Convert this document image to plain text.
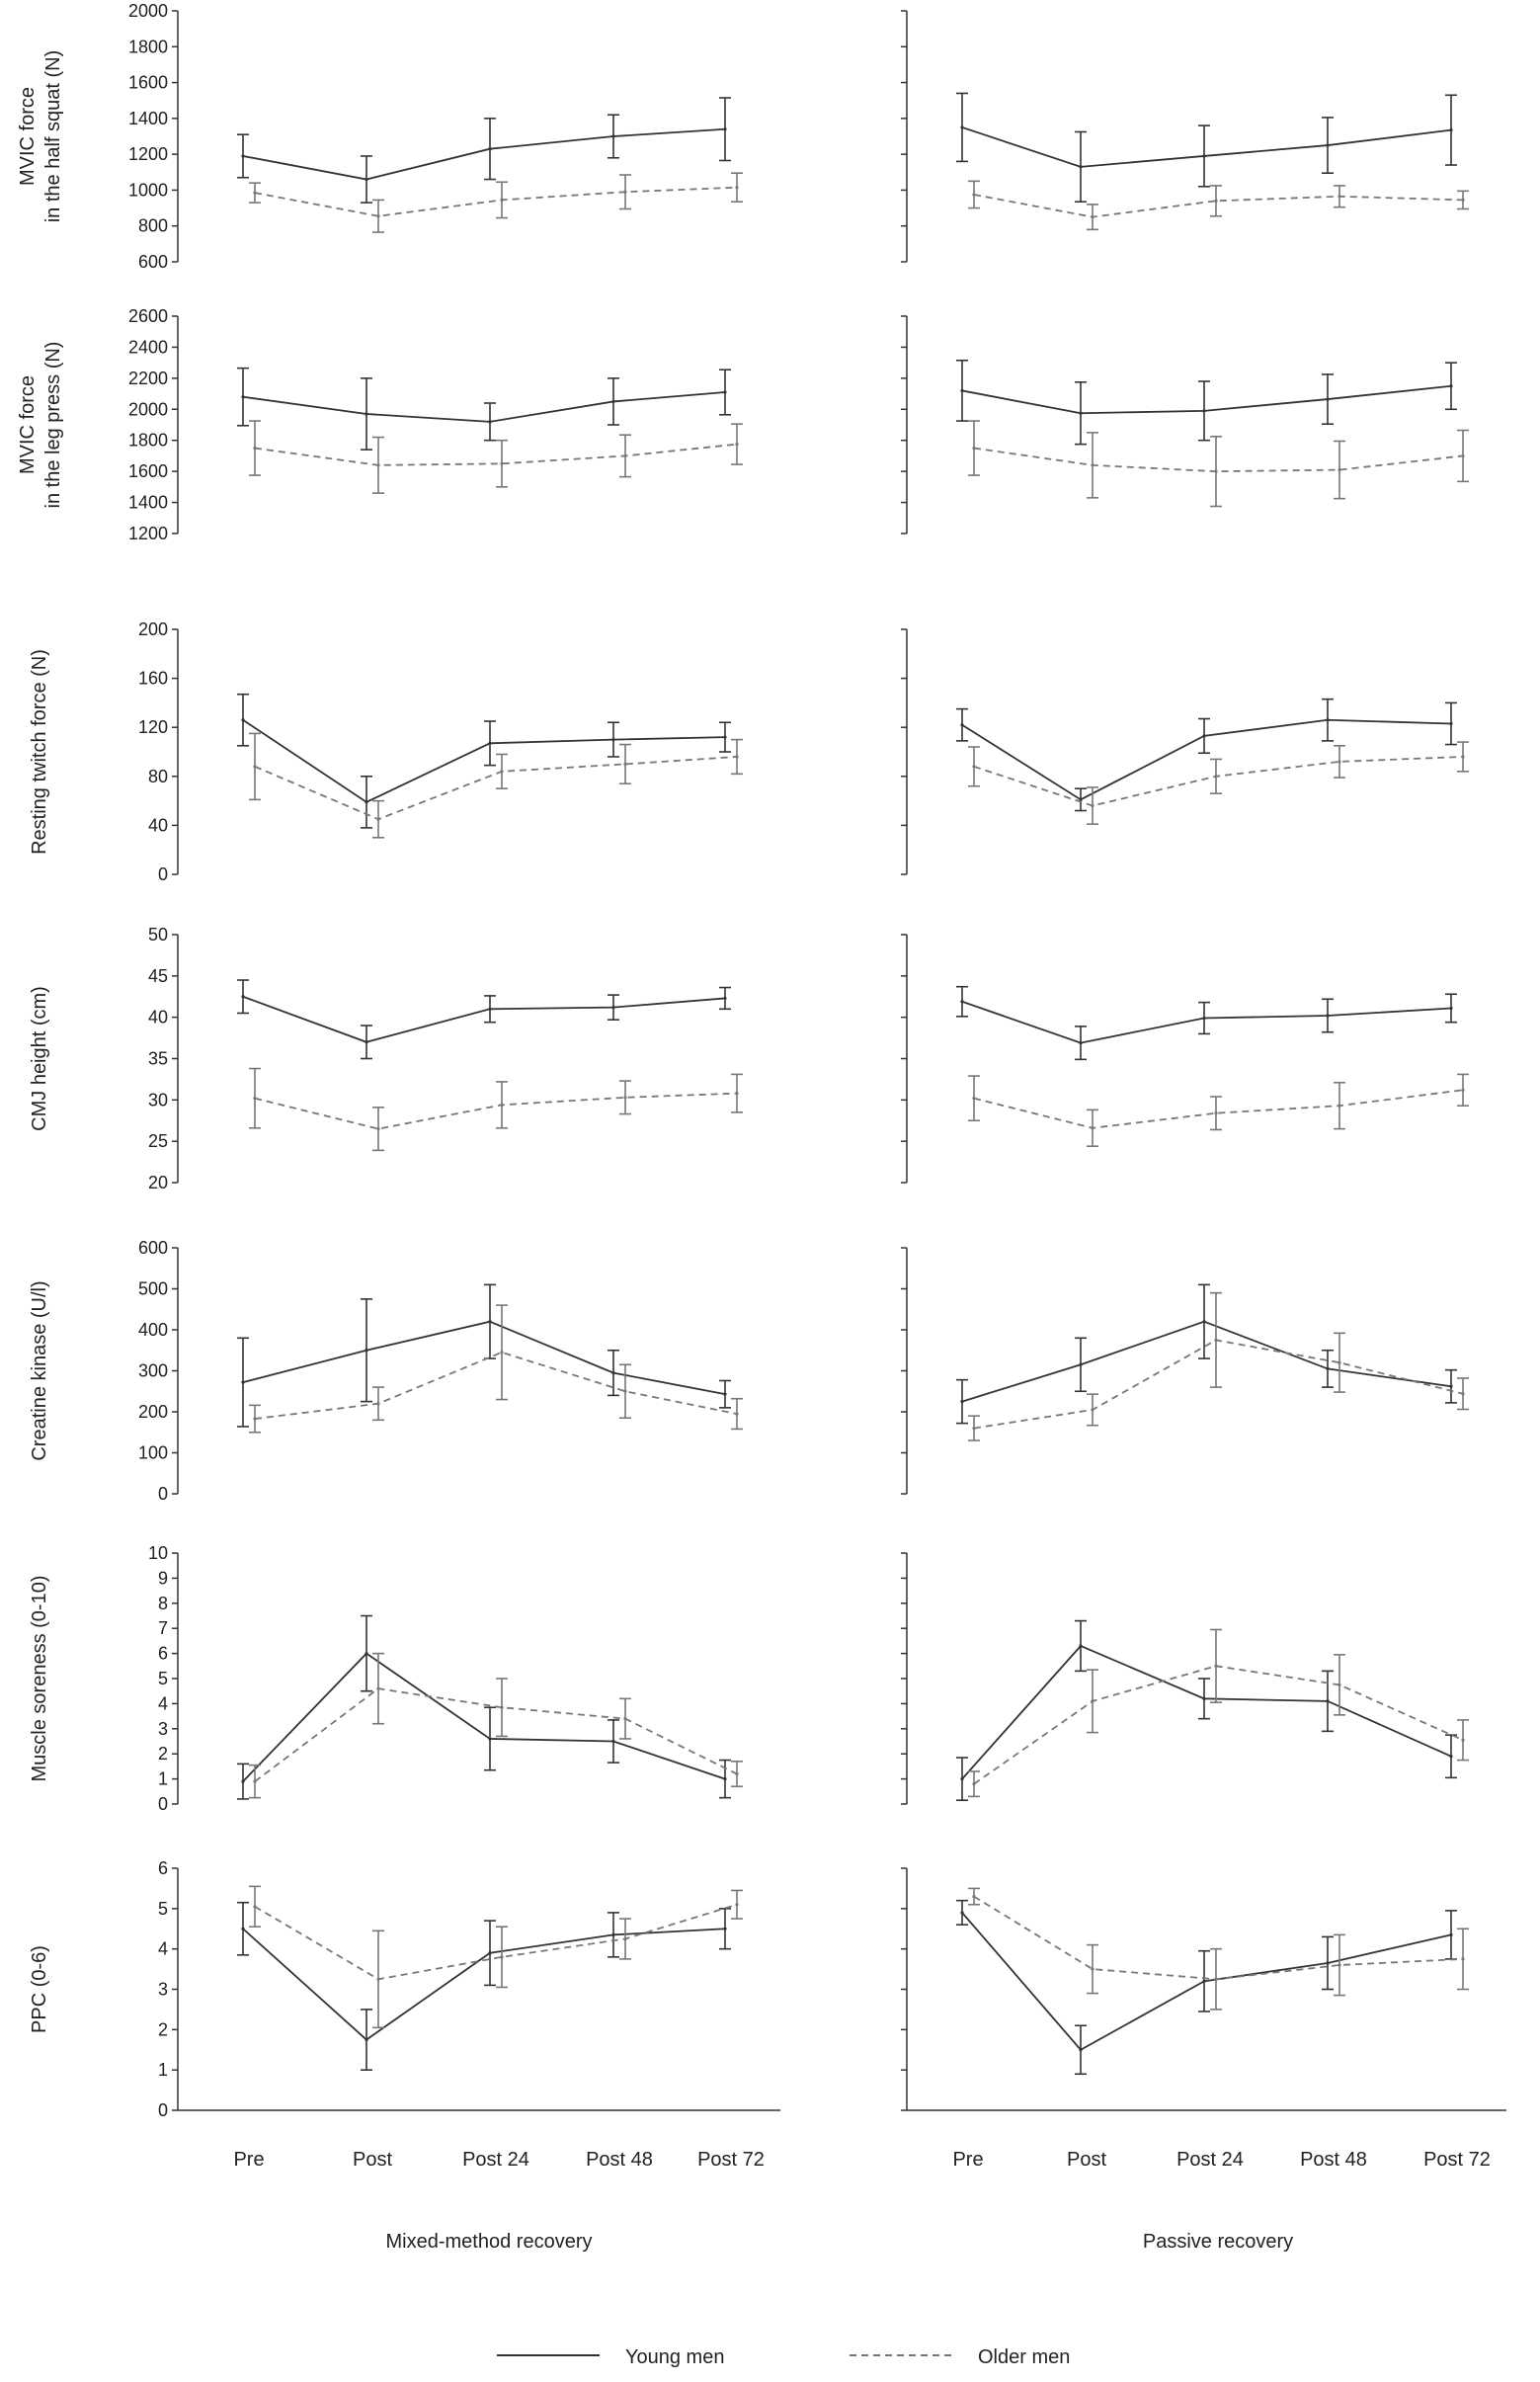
MVIC force in the half squat (N)
600
800
1000
1200
1400
1600
1800
2000
MVIC force in the leg press (N)
1200
1400
1600
1800
2000
2200
2400
2600
Resting twitch force (N)
0
40
80
120
160
200
CMJ height (cm)
20
25
30
35
40
45
50
Creatine kinase (U/l)
0
100
200
300
400
500
600
Muscle soreness (0-10)
0
1
2
3
4
5
6
7
8
9
10
PPC (0-6)
0
1
2
3
4
5
6
Pre	Post	Post 24	Post 48 Post 72	Pre	Post	Post 24	Post 48	Post 72
Mixed-method recovery	Passive recovery
Young men	Older men
